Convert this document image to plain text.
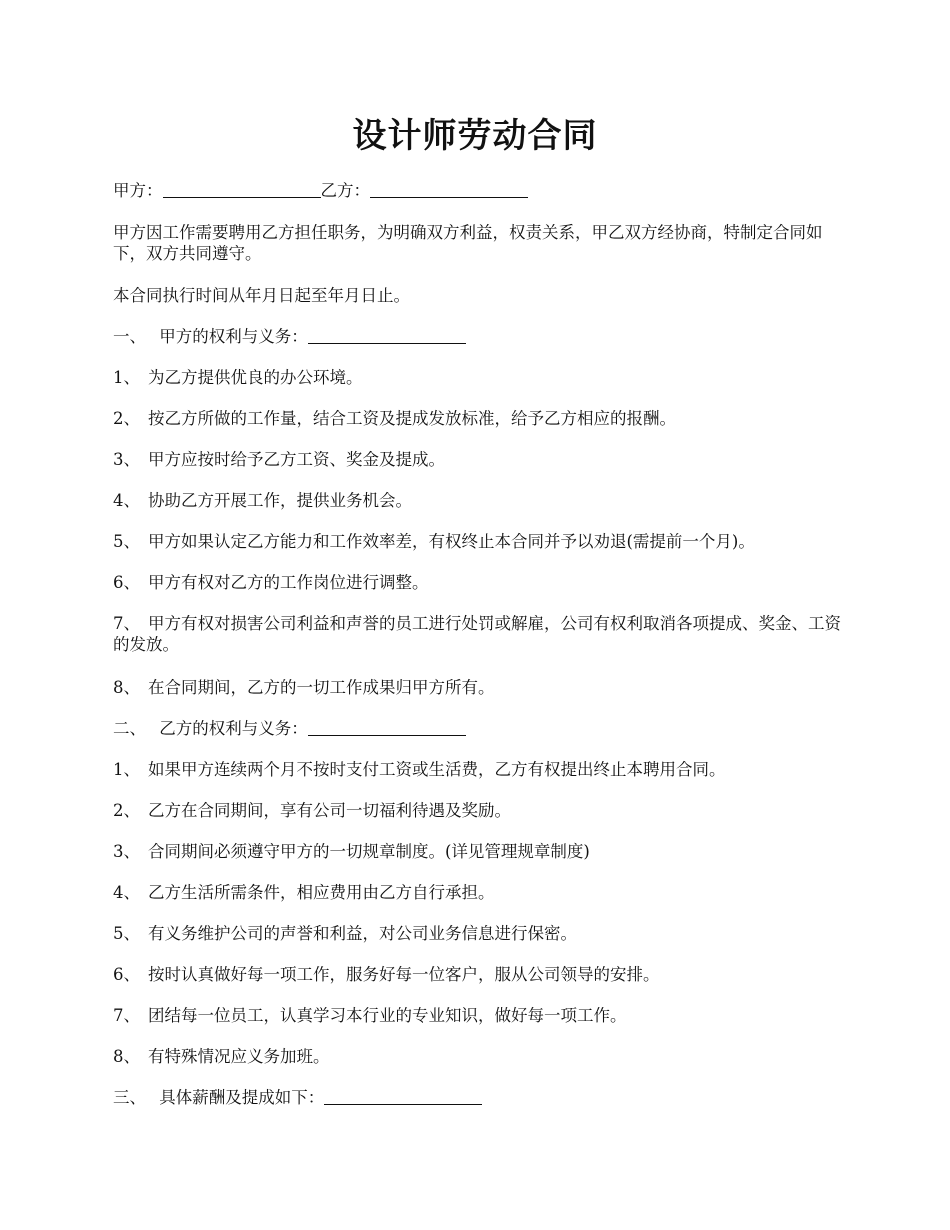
设计师劳动合同

甲方：	乙方：

甲方因工作需要聘用乙方担任职务，为明确双方利益，权责关系，甲乙双方经协商，特制定合同如下，双方共同遵守。

本合同执行时间从年月日起至年月日止。

一、 甲方的权利与义务：

1、 为乙方提供优良的办公环境。

2、 按乙方所做的工作量，结合工资及提成发放标准，给予乙方相应的报酬。

3、 甲方应按时给予乙方工资、奖金及提成。

4、 协助乙方开展工作，提供业务机会。

5、 甲方如果认定乙方能力和工作效率差，有权终止本合同并予以劝退(需提前一个月)。

6、 甲方有权对乙方的工作岗位进行调整。

7、 甲方有权对损害公司利益和声誉的员工进行处罚或解雇，公司有权利取消各项提成、奖金、工资的发放。

8、 在合同期间，乙方的一切工作成果归甲方所有。

二、 乙方的权利与义务：

1、 如果甲方连续两个月不按时支付工资或生活费，乙方有权提出终止本聘用合同。

2、 乙方在合同期间，享有公司一切福利待遇及奖励。

3、 合同期间必须遵守甲方的一切规章制度。(详见管理规章制度)

4、 乙方生活所需条件，相应费用由乙方自行承担。

5、 有义务维护公司的声誉和利益，对公司业务信息进行保密。

6、 按时认真做好每一项工作，服务好每一位客户，服从公司领导的安排。

7、 团结每一位员工，认真学习本行业的专业知识，做好每一项工作。

8、 有特殊情况应义务加班。

三、 具体薪酬及提成如下：
